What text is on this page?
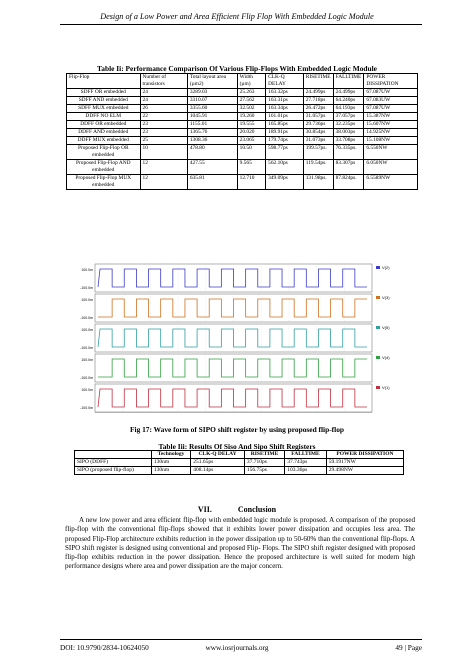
Design of a Low Power and Area Efficient Flip Flop With Embedded Logic Module
Table Ii: Performance Comparison Of Various Flip-Flops With Embedded Logic Module
Flip-Flop	Number of transistors	Total layout area (µm2)	Width (µm)	CLK-Q DELAY	RISETIME	FALLTIME	POWER DISSIPATION
SDFF OR embedded	24	3289.03	25.263	163.32ps	24.499ps	24.499ps	67.087UW
SDFF AND embedded	24	3310.07	27.562	163.31ps	27.718ps	64.240ps	67.083UW
SDFF MUX embedded	26	3355.60	32.502	163.34ps	26.472ps	64.193ps	67.087UW
DDFF NO ELM	22	1045.91	19.260	161.01ps	31.057ps	37.057ps	15.387NW
DDFF OR embedded	23	1155.01	19.555	165.85ps	29.736ps	32.235ps	15.607NW
DDFF AND embedded	23	1365.76	20.020	189.91ps	30.854ps	38.003ps	14.925NW
DDFF MUX embedded	25	1308.36	23.065	179.74ps	31.073ps	33.708ps	15.108NW
Proposed Flip-Flop OR embedded	10	478.80	10.50	598.77ps	199.57ps.	76.335ps.	6.550NW
Proposed Flip-Flop AND embedded	12	427.55	9.565	562.10ps	119.54ps.	83.307ps	6.050NW
Proposed Flip-Flop MUX embedded	12	635.81	12.710	349.09ps	131.98ps.	87.824ps.	6.5589NW
100.0m
-100.0m
V(2)
100.0m
-100.0m
V(3)
100.0m
-100.0m
V(5)
100.0m
-100.0m
V(4)
100.0m
-100.0m
V(1)
Fig 17: Wave form of SIPO shift register by using proposed flip-flop
Table Iii: Results Of Siso And Sipo Shift Registers
	Technology	CLK-Q DELAY	RISETIME	FALLTIME	POWER DISSIPATION
SIPO (DDFF)	130nm	251.65ps	37.710ps	37.743ps	59.1917NW
SIPO (proposed flip-flop)	130nm	408.14ps	156.75ps	103.36ps	29.498NW
VII.	Conclusion

A new low power and area efficient flip-flop with embedded logic module is proposed. A comparison of the proposed flip-flop with the conventional flip-flops showed that it exhibits lower power dissipation and occupies less area. The proposed Flip-Flop architecture exhibits reduction in the power dissipation up to 50-60% than the conventional flip-flops. A SIPO shift register is designed using conventional and proposed Flip- Flops. The SIPO shift register designed with proposed flip-flop exhibits reduction in the power dissipation. Hence the proposed architecture is well suited for modern high performance designs where area and power dissipation are the major concern.

DOI: 10.9790/2834-10624050	www.iosrjournals.org	49 | Page
